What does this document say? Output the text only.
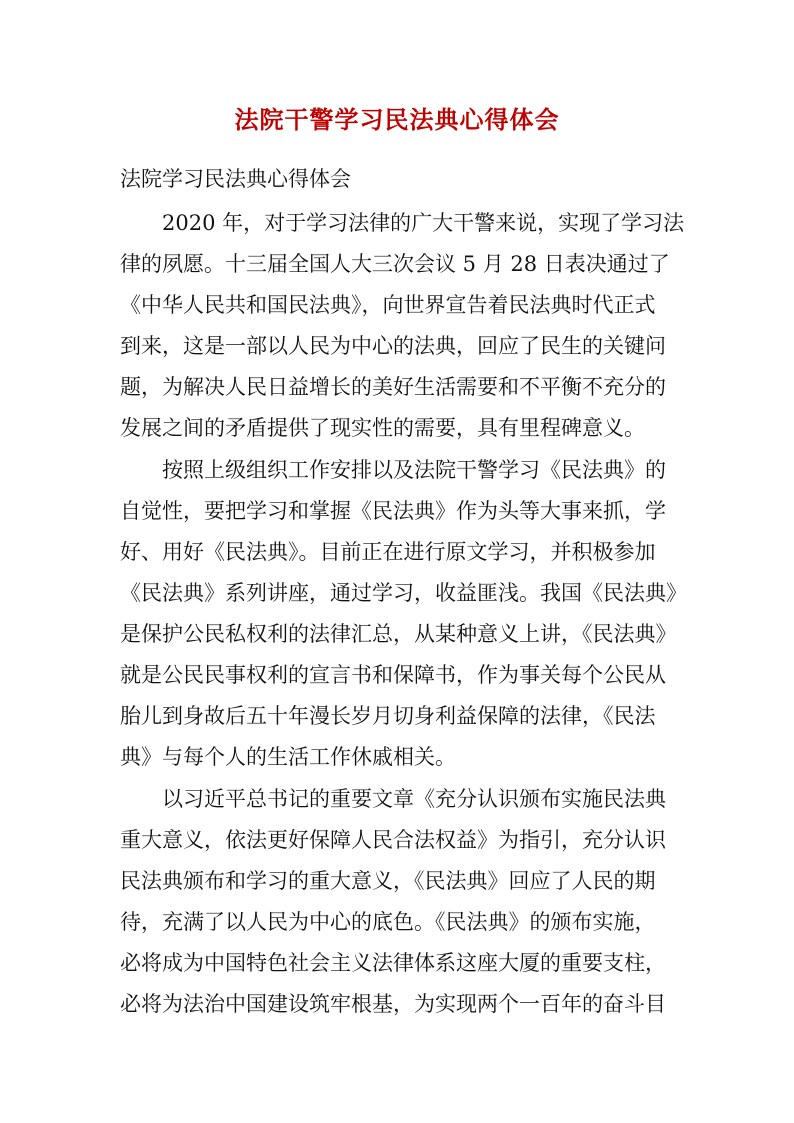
法院干警学习民法典心得体会
法院学习民法典心得体会
2020 年，对于学习法律的广大干警来说，实现了学习法
律的夙愿。十三届全国人大三次会议 5 月 28 日表决通过了
《中华人民共和国民法典》，向世界宣告着民法典时代正式
到来，这是一部以人民为中心的法典，回应了民生的关键问
题，为解决人民日益增长的美好生活需要和不平衡不充分的
发展之间的矛盾提供了现实性的需要，具有里程碑意义。
按照上级组织工作安排以及法院干警学习《民法典》的
自觉性，要把学习和掌握《民法典》作为头等大事来抓，学
好、用好《民法典》。目前正在进行原文学习，并积极参加
《民法典》系列讲座，通过学习，收益匪浅。我国《民法典》
是保护公民私权利的法律汇总，从某种意义上讲，《民法典》
就是公民民事权利的宣言书和保障书，作为事关每个公民从
胎儿到身故后五十年漫长岁月切身利益保障的法律，《民法
典》与每个人的生活工作休戚相关。
以习近平总书记的重要文章《充分认识颁布实施民法典
重大意义，依法更好保障人民合法权益》为指引，充分认识
民法典颁布和学习的重大意义，《民法典》回应了人民的期
待，充满了以人民为中心的底色。《民法典》的颁布实施，
必将成为中国特色社会主义法律体系这座大厦的重要支柱，
必将为法治中国建设筑牢根基，为实现两个一百年的奋斗目
